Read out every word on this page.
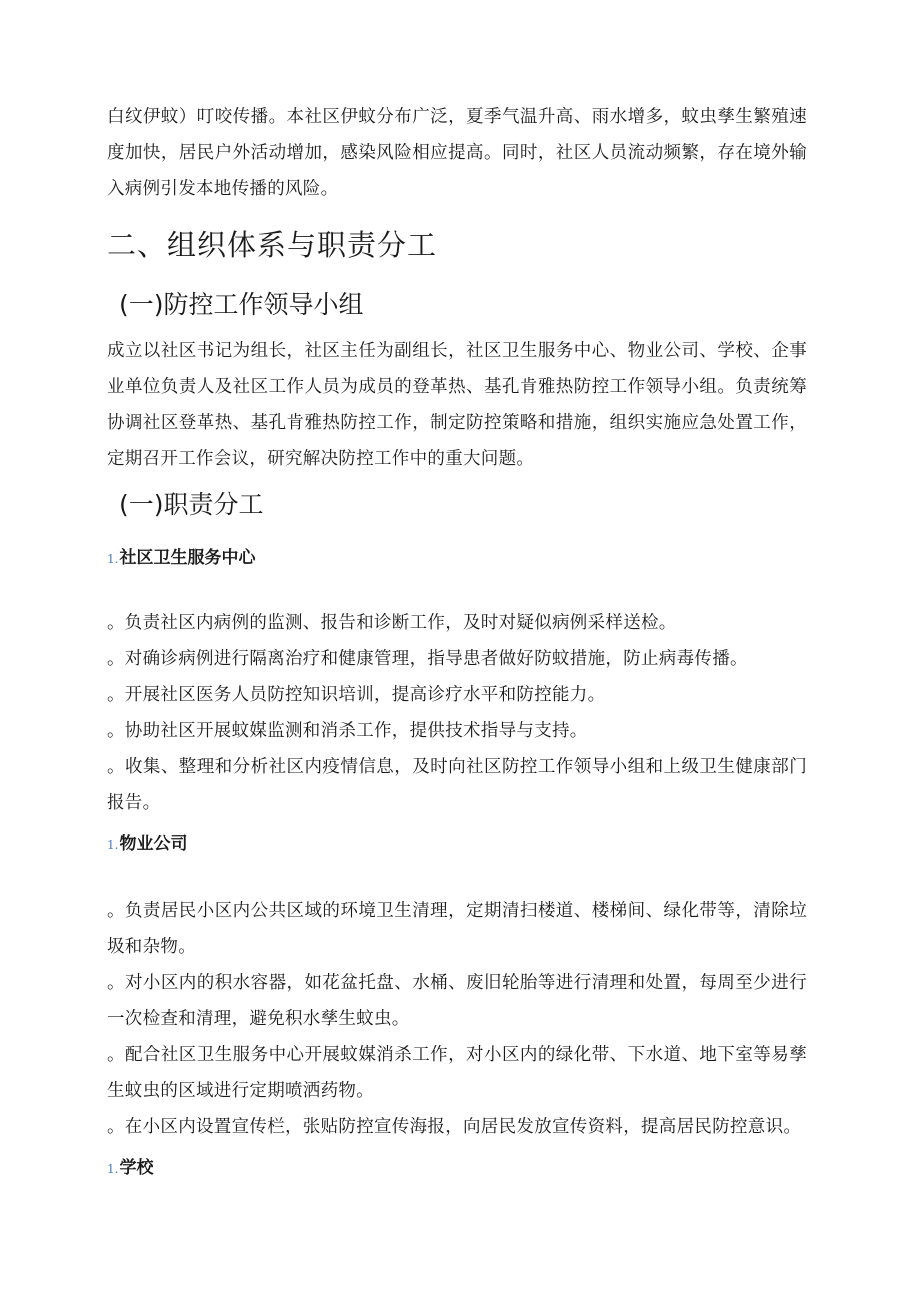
白纹伊蚊）叮咬传播。本社区伊蚊分布广泛，夏季气温升高、雨水增多，蚊虫孳生繁殖速度加快，居民户外活动增加，感染风险相应提高。同时，社区人员流动频繁，存在境外输入病例引发本地传播的风险。

二、组织体系与职责分工
(一)防控工作领导小组

成立以社区书记为组长，社区主任为副组长，社区卫生服务中心、物业公司、学校、企事业单位负责人及社区工作人员为成员的登革热、基孔肯雅热防控工作领导小组。负责统筹协调社区登革热、基孔肯雅热防控工作，制定防控策略和措施，组织实施应急处置工作，定期召开工作会议，研究解决防控工作中的重大问题。

(一)职责分工
1.社区卫生服务中心

。负责社区内病例的监测、报告和诊断工作，及时对疑似病例采样送检。

。对确诊病例进行隔离治疗和健康管理，指导患者做好防蚊措施，防止病毒传播。

。开展社区医务人员防控知识培训，提高诊疗水平和防控能力。

。协助社区开展蚊媒监测和消杀工作，提供技术指导与支持。

。收集、整理和分析社区内疫情信息，及时向社区防控工作领导小组和上级卫生健康部门报告。

1.物业公司

。负责居民小区内公共区域的环境卫生清理，定期清扫楼道、楼梯间、绿化带等，清除垃圾和杂物。

。对小区内的积水容器，如花盆托盘、水桶、废旧轮胎等进行清理和处置，每周至少进行一次检查和清理，避免积水孳生蚊虫。

。配合社区卫生服务中心开展蚊媒消杀工作，对小区内的绿化带、下水道、地下室等易孳生蚊虫的区域进行定期喷洒药物。

。在小区内设置宣传栏，张贴防控宣传海报，向居民发放宣传资料，提高居民防控意识。

1.学校
